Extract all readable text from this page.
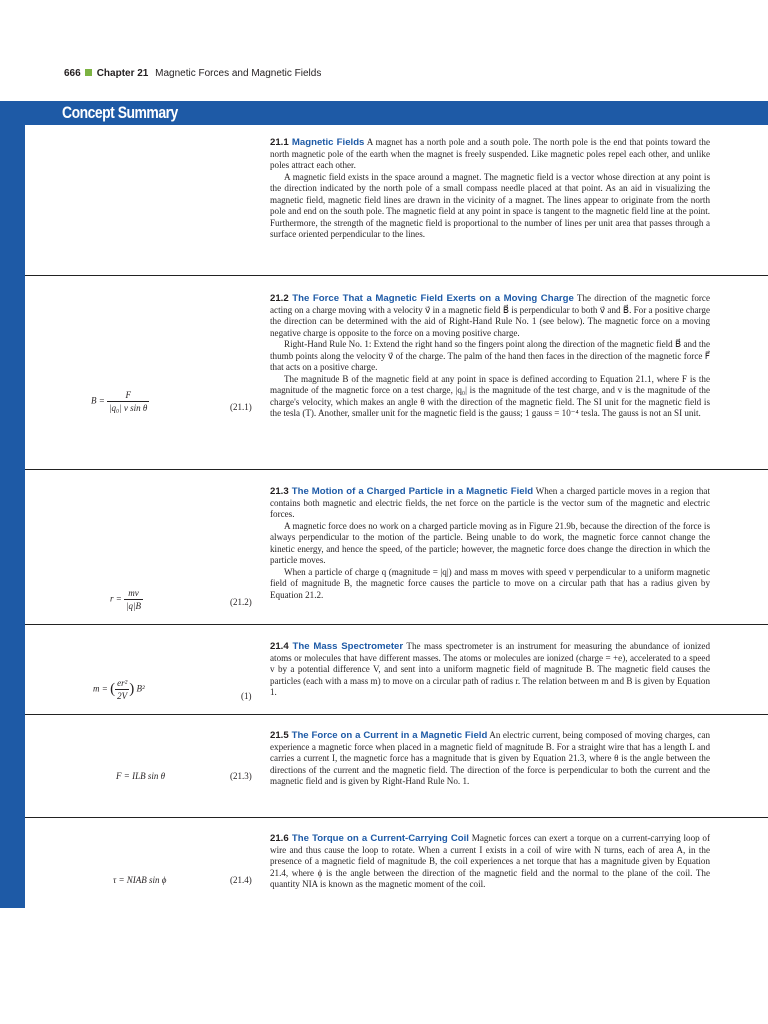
666 Chapter 21 Magnetic Forces and Magnetic Fields
Concept Summary

21.1 Magnetic Fields A magnet has a north pole and a south pole. The north pole is the end that points toward the north magnetic pole of the earth when the magnet is freely suspended. Like magnetic poles repel each other, and unlike poles attract each other.

A magnetic field exists in the space around a magnet. The magnetic field is a vector whose direction at any point is the direction indicated by the north pole of a small compass needle placed at that point. As an aid in visualizing the magnetic field, magnetic field lines are drawn in the vicinity of a magnet. The lines appear to originate from the north pole and end on the south pole. The magnetic field at any point in space is tangent to the magnetic field line at the point. Furthermore, the strength of the magnetic field is proportional to the number of lines per unit area that passes through a surface oriented perpendicular to the lines.

$B = \frac{F}{\text{|q₀| v sin θ}}$	(21.1)

21.2 The Force That a Magnetic Field Exerts on a Moving Charge The direction of the magnetic force acting on a charge moving with a velocity v⃗ in a magnetic field B⃗ is perpendicular to both v⃗ and B⃗. For a positive charge the direction can be determined with the aid of Right-Hand Rule No. 1 (see below). The magnetic force on a moving negative charge is opposite to the force on a moving positive charge.

Right-Hand Rule No. 1: Extend the right hand so the fingers point along the direction of the magnetic field B⃗ and the thumb points along the velocity v⃗ of the charge. The palm of the hand then faces in the direction of the magnetic force F⃗ that acts on a positive charge.

The magnitude B of the magnetic field at any point in space is defined according to Equation 21.1, where F is the magnitude of the magnetic force on a test charge, |q₀| is the magnitude of the test charge, and v is the magnitude of the charge's velocity, which makes an angle θ with the direction of the magnetic field. The SI unit for the magnetic field is the tesla (T). Another, smaller unit for the magnetic field is the gauss; 1 gauss = 10⁻⁴ tesla. The gauss is not an SI unit.

$r = \frac{mv}{|q|B}$	(21.2)

21.3 The Motion of a Charged Particle in a Magnetic Field When a charged particle moves in a region that contains both magnetic and electric fields, the net force on the particle is the vector sum of the magnetic and electric forces.

A magnetic force does no work on a charged particle moving as in Figure 21.9b, because the direction of the force is always perpendicular to the motion of the particle. Being unable to do work, the magnetic force cannot change the kinetic energy, and hence the speed, of the particle; however, the magnetic force does change the direction in which the particle moves.

When a particle of charge q (magnitude = |q|) and mass m moves with speed v perpendicular to a uniform magnetic field of magnitude B, the magnetic force causes the particle to move on a circular path that has a radius given by Equation 21.2.

m = ( $\frac{\text{er²}}{2V}$ ) B²
(1)

21.4 The Mass Spectrometer The mass spectrometer is an instrument for measuring the abundance of ionized atoms or molecules that have different masses. The atoms or molecules are ionized (charge = +e), accelerated to a speed v by a potential difference V, and sent into a uniform magnetic field of magnitude B. The magnetic field causes the particles (each with a mass m) to move on a circular path of radius r. The relation between m and B is given by Equation 1.

F = ILB sin θ	(21.3)

21.5 The Force on a Current in a Magnetic Field An electric current, being composed of moving charges, can experience a magnetic force when placed in a magnetic field of magnitude B. For a straight wire that has a length L and carries a current I, the magnetic force has a magnitude that is given by Equation 21.3, where θ is the angle between the directions of the current and the magnetic field. The direction of the force is perpendicular to both the current and the magnetic field and is given by Right-Hand Rule No. 1.

τ = NIAB sin ϕ	(21.4)

21.6 The Torque on a Current-Carrying Coil Magnetic forces can exert a torque on a current-carrying loop of wire and thus cause the loop to rotate. When a current I exists in a coil of wire with N turns, each of area A, in the presence of a magnetic field of magnitude B, the coil experiences a net torque that has a magnitude given by Equation 21.4, where ϕ is the angle between the direction of the magnetic field and the normal to the plane of the coil. The quantity NIA is known as the magnetic moment of the coil.
